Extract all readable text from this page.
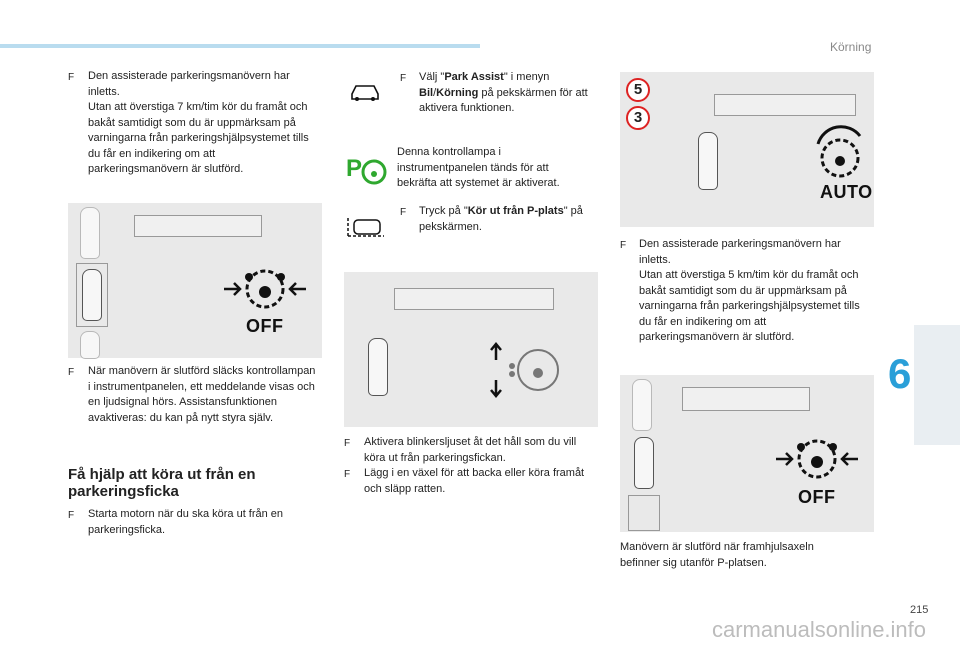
Körning
6
F Den assisterade parkeringsmanövern har inletts.

Utan att överstiga 7 km/tim kör du framåt och bakåt samtidigt som du är uppmärksam på varningarna från parkeringshjälpsystemet tills du får en indikering om att parkeringsmanövern är slutförd.

OFF
F När manövern är slutförd släcks kontrollampan i instrumentpanelen, ett meddelande visas och en ljudsignal hörs. Assistansfunktionen avaktiveras: du kan på nytt styra själv.
Få hjälp att köra ut från en parkeringsficka
F Starta motorn när du ska köra ut från en parkeringsficka.
F Välj "Park Assist" i menyn Bil/Körning på pekskärmen för att aktivera funktionen.
P
Denna kontrollampa i instrumentpanelen tänds för att bekräfta att systemet är aktiverat.
F Tryck på "Kör ut från P-plats" på pekskärmen.
F Aktivera blinkersljuset åt det håll som du vill köra ut från parkeringsfickan.
F Lägg i en växel för att backa eller köra framåt och släpp ratten.
5
3
AUTO
F Den assisterade parkeringsmanövern har inletts.

Utan att överstiga 5 km/tim kör du framåt och bakåt samtidigt som du är uppmärksam på varningarna från parkeringshjälpsystemet tills du får en indikering om att parkeringsmanövern är slutförd.

OFF
Manövern är slutförd när framhjulsaxeln befinner sig utanför P-platsen.
215
carmanualsonline.info
